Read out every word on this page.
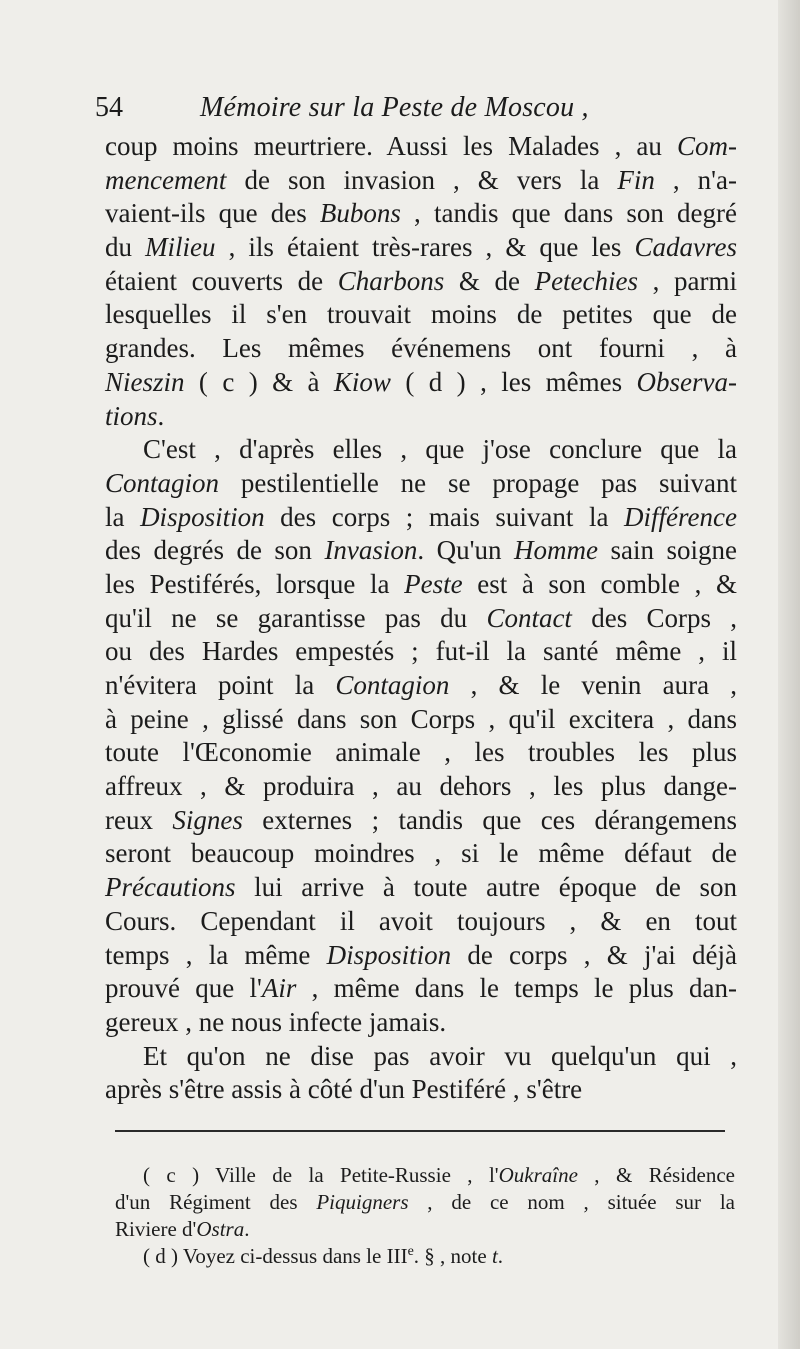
54	Mémoire sur la Peste de Moscou ,
coup moins meurtriere. Aussi les Malades , au Com-
mencement de son invasion , & vers la Fin , n'a-
vaient-ils que des Bubons , tandis que dans son degré
du Milieu , ils étaient très-rares , & que les Cadavres
étaient couverts de Charbons & de Petechies , parmi
lesquelles il s'en trouvait moins de petites que de
grandes. Les mêmes événemens ont fourni , à
Nieszin ( c ) & à Kiow ( d ) , les mêmes Observa-
tions.
C'est , d'après elles , que j'ose conclure que la
Contagion pestilentielle ne se propage pas suivant
la Disposition des corps ; mais suivant la Différence
des degrés de son Invasion. Qu'un Homme sain soigne
les Pestiférés, lorsque la Peste est à son comble , &
qu'il ne se garantisse pas du Contact des Corps ,
ou des Hardes empestés ; fut-il la santé même , il
n'évitera point la Contagion , & le venin aura ,
à peine , glissé dans son Corps , qu'il excitera , dans
toute l'Œconomie animale , les troubles les plus
affreux , & produira , au dehors , les plus dange-
reux Signes externes ; tandis que ces dérangemens
seront beaucoup moindres , si le même défaut de
Précautions lui arrive à toute autre époque de son
Cours. Cependant il avoit toujours , & en tout
temps , la même Disposition de corps , & j'ai déjà
prouvé que l'Air , même dans le temps le plus dan-
gereux , ne nous infecte jamais.
Et qu'on ne dise pas avoir vu quelqu'un qui ,
après s'être assis à côté d'un Pestiféré , s'être
( c ) Ville de la Petite-Russie , l'Oukraîne , & Résidence
d'un Régiment des Piquigners , de ce nom , située sur la
Riviere d'Ostra.
( d ) Voyez ci-dessus dans le IIIe. § , note t.
